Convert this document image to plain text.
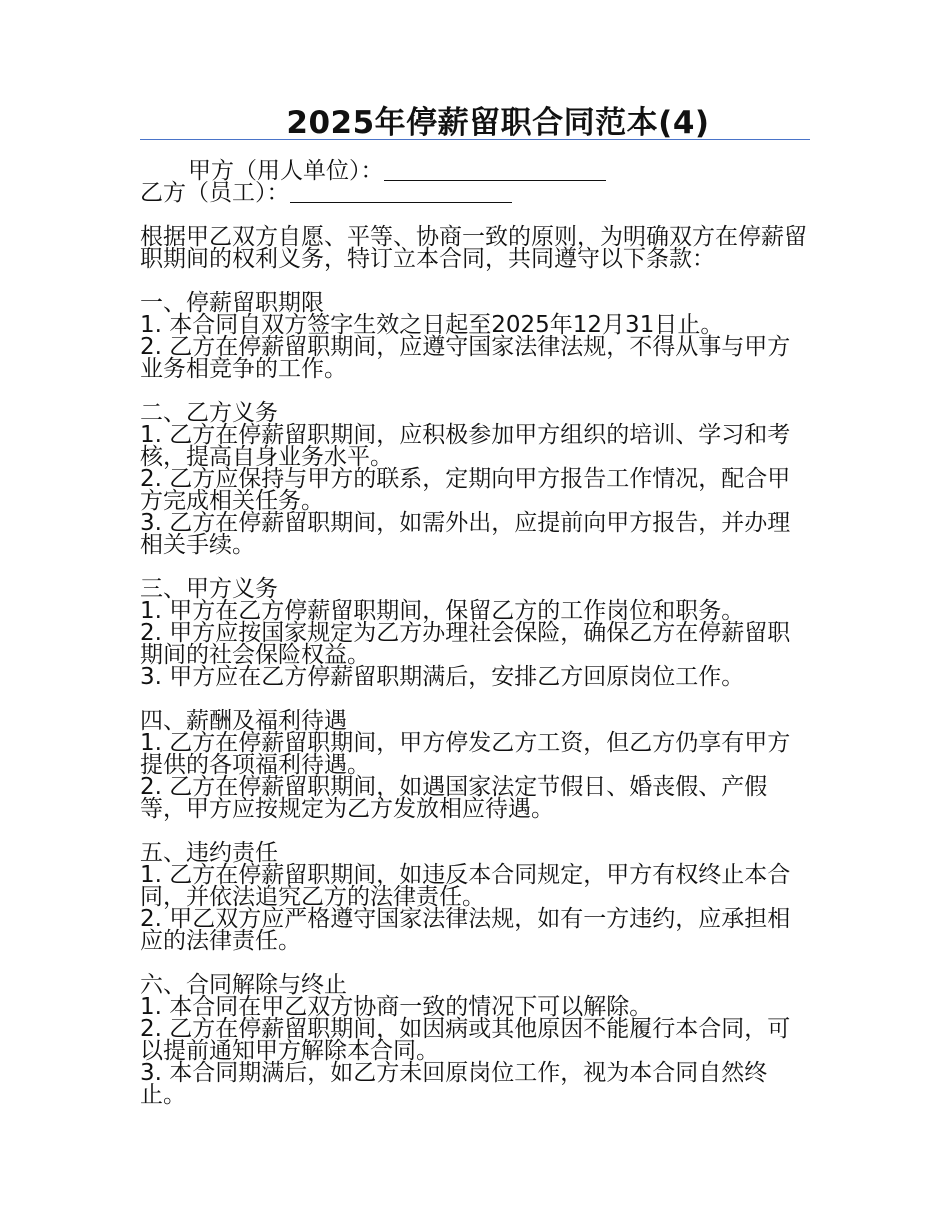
2025年停薪留职合同范本(4)

甲方（用人单位）：

乙方（员工）：

根据甲乙双方自愿、平等、协商一致的原则，为明确双方在停薪留职期间的权利义务，特订立本合同，共同遵守以下条款：

一、停薪留职期限

1. 本合同自双方签字生效之日起至2025年12月31日止。

2. 乙方在停薪留职期间，应遵守国家法律法规，不得从事与甲方业务相竞争的工作。

二、乙方义务

1. 乙方在停薪留职期间，应积极参加甲方组织的培训、学习和考核，提高自身业务水平。

2. 乙方应保持与甲方的联系，定期向甲方报告工作情况，配合甲方完成相关任务。

3. 乙方在停薪留职期间，如需外出，应提前向甲方报告，并办理相关手续。

三、甲方义务

1. 甲方在乙方停薪留职期间，保留乙方的工作岗位和职务。

2. 甲方应按国家规定为乙方办理社会保险，确保乙方在停薪留职期间的社会保险权益。

3. 甲方应在乙方停薪留职期满后，安排乙方回原岗位工作。

四、薪酬及福利待遇

1. 乙方在停薪留职期间，甲方停发乙方工资，但乙方仍享有甲方提供的各项福利待遇。

2. 乙方在停薪留职期间，如遇国家法定节假日、婚丧假、产假等，甲方应按规定为乙方发放相应待遇。

五、违约责任

1. 乙方在停薪留职期间，如违反本合同规定，甲方有权终止本合同，并依法追究乙方的法律责任。

2. 甲乙双方应严格遵守国家法律法规，如有一方违约，应承担相应的法律责任。

六、合同解除与终止

1. 本合同在甲乙双方协商一致的情况下可以解除。

2. 乙方在停薪留职期间，如因病或其他原因不能履行本合同，可以提前通知甲方解除本合同。

3. 本合同期满后，如乙方未回原岗位工作，视为本合同自然终止。
